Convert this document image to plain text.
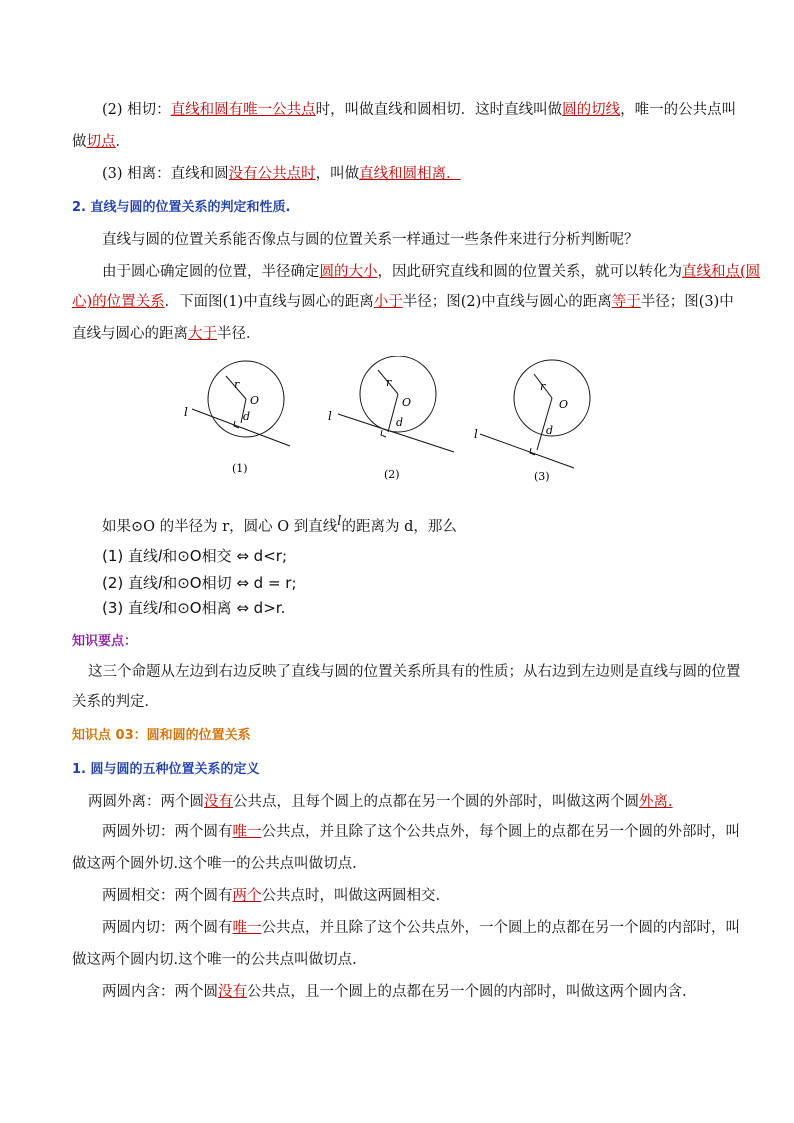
(2) 相切：直线和圆有唯一公共点时，叫做直线和圆相切．这时直线叫做圆的切线，唯一的公共点叫
做切点．
(3) 相离：直线和圆没有公共点时，叫做直线和圆相离．
2. 直线与圆的位置关系的判定和性质.
直线与圆的位置关系能否像点与圆的位置关系一样通过一些条件来进行分析判断呢？
由于圆心确定圆的位置，半径确定圆的大小，因此研究直线和圆的位置关系，就可以转化为直线和点(圆
心)的位置关系．下面图(1)中直线与圆心的距离小于半径；图(2)中直线与圆心的距离等于半径；图(3)中
直线与圆心的距离大于半径．
r
O
d
l
(1)
r
O
d
l
(2)
r
O
d
l
(3)
如果⊙O 的半径为 r，圆心 O 到直线l的距离为 d，那么
(1) 直线l和⊙O相交 ⇔ d<r;
(2) 直线l和⊙O相切 ⇔ d = r;
(3) 直线l和⊙O相离 ⇔ d>r.
知识要点：
这三个命题从左边到右边反映了直线与圆的位置关系所具有的性质；从右边到左边则是直线与圆的位置
关系的判定．
知识点 03：圆和圆的位置关系
1. 圆与圆的五种位置关系的定义
两圆外离：两个圆没有公共点，且每个圆上的点都在另一个圆的外部时，叫做这两个圆外离.
两圆外切：两个圆有唯一公共点，并且除了这个公共点外，每个圆上的点都在另一个圆的外部时，叫
做这两个圆外切.这个唯一的公共点叫做切点.
两圆相交：两个圆有两个公共点时，叫做这两圆相交.
两圆内切：两个圆有唯一公共点，并且除了这个公共点外，一个圆上的点都在另一个圆的内部时，叫
做这两个圆内切.这个唯一的公共点叫做切点.
两圆内含：两个圆没有公共点，且一个圆上的点都在另一个圆的内部时，叫做这两个圆内含.
